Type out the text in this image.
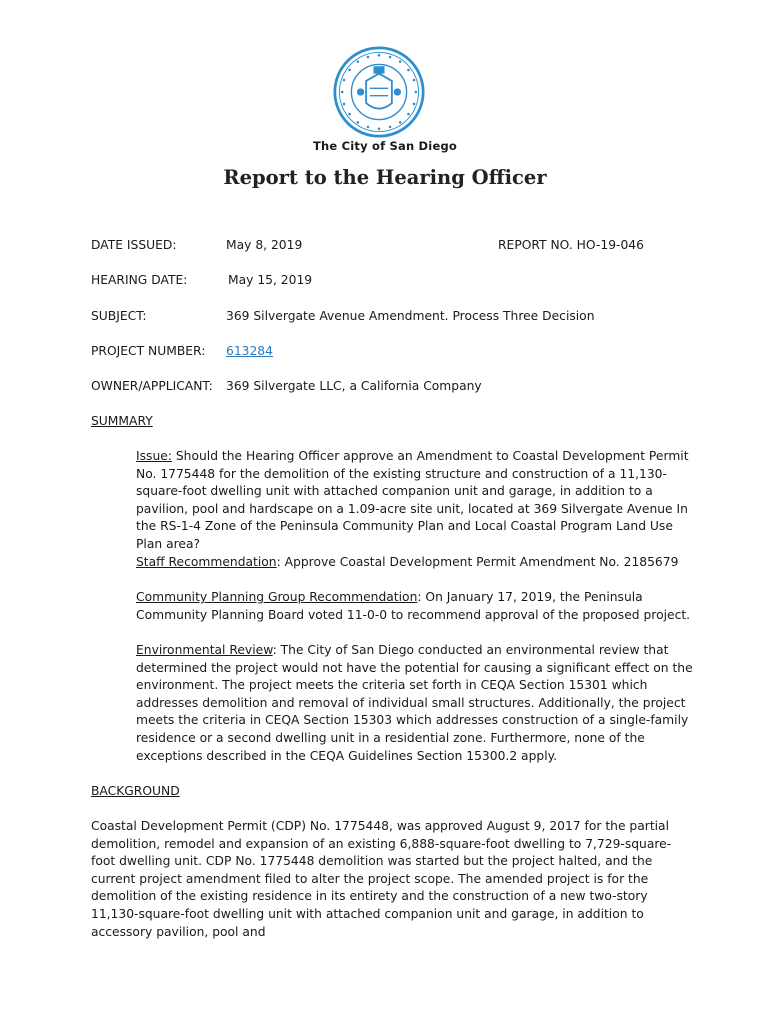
The City of San Diego
Report to the Hearing Officer
DATE ISSUED:	May 8, 2019	REPORT NO. HO-19-046
HEARING DATE:	May 15, 2019
SUBJECT:	369 Silvergate Avenue Amendment. Process Three Decision
PROJECT NUMBER: 613284
OWNER/APPLICANT: 369 Silvergate LLC, a California Company
SUMMARY

Issue: Should the Hearing Officer approve an Amendment to Coastal Development Permit No. 1775448 for the demolition of the existing structure and construction of a 11,130-square-foot dwelling unit with attached companion unit and garage, in addition to a pavilion, pool and hardscape on a 1.09-acre site unit, located at 369 Silvergate Avenue In the RS-1-4 Zone of the Peninsula Community Plan and Local Coastal Program Land Use Plan area?

Staff Recommendation: Approve Coastal Development Permit Amendment No. 2185679

Community Planning Group Recommendation: On January 17, 2019, the Peninsula Community Planning Board voted 11-0-0 to recommend approval of the proposed project.

Environmental Review: The City of San Diego conducted an environmental review that determined the project would not have the potential for causing a significant effect on the environment. The project meets the criteria set forth in CEQA Section 15301 which addresses demolition and removal of individual small structures. Additionally, the project meets the criteria in CEQA Section 15303 which addresses construction of a single-family residence or a second dwelling unit in a residential zone. Furthermore, none of the exceptions described in the CEQA Guidelines Section 15300.2 apply.

BACKGROUND

Coastal Development Permit (CDP) No. 1775448, was approved August 9, 2017 for the partial demolition, remodel and expansion of an existing 6,888-square-foot dwelling to 7,729-square-foot dwelling unit. CDP No. 1775448 demolition was started but the project halted, and the current project amendment filed to alter the project scope. The amended project is for the demolition of the existing residence in its entirety and the construction of a new two-story 11,130-square-foot dwelling unit with attached companion unit and garage, in addition to accessory pavilion, pool and
